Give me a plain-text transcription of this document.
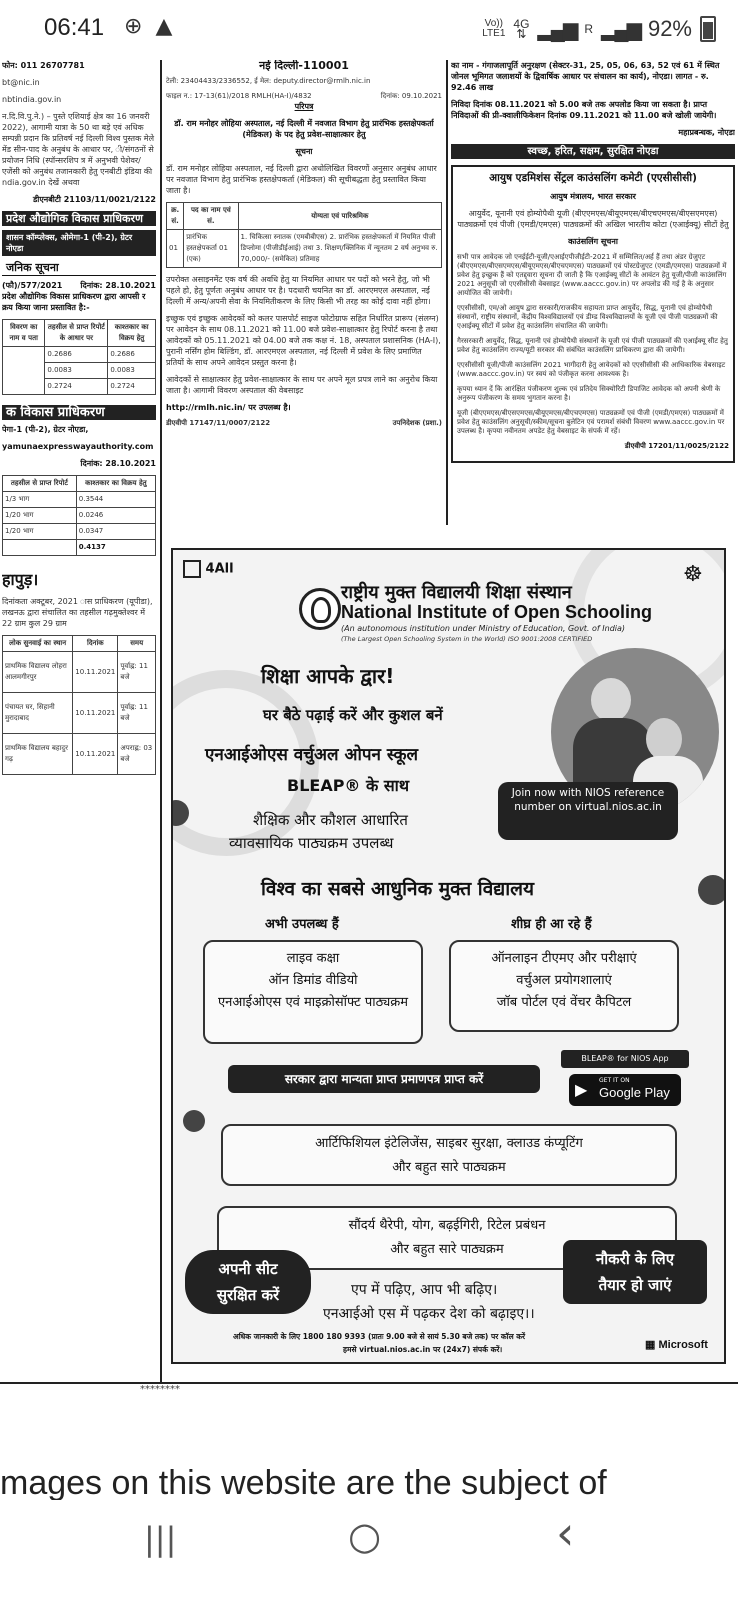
06:41 ⊕ ▲	Vo))
LTE1
4G
⇅ ▂▄▆ R ▂▄▆ 92%

फोन: 011 26707781

bt@nic.in

nbtindia.gov.in

न.दि.वि.पु.ने.) – पुस्ते एशियाई क्षेत्र का 16 जनवरी 2022), आगामी यात्रा के 50 था बड़े एवं अधिक सम्पन्नी प्रदान कि प्रतिवर्ष नई दिल्ली विश्व पुस्तक मेले मेंड सीन-पाद के अनुबंध के आधार पर, ी/संगठनों से प्रयोजन निधि (स्पॉन्सरशिप त्र में अनुभवी पेशेवर/एजेंसी को अनुबंध तजानकारी हेतु एनबीटी इंडिया की ndia.gov.in देखें अथवा

डीएनबीटी 21103/11/0021/2122

प्रदेश औद्योगिक विकास प्राधिकरण
शासन कॉम्प्लेक्स, ओमेगा-1 (पी-2), ग्रेटर नोएडा
जनिक सूचना
(फौ)/577/2021 दिनांक: 28.10.2021

प्रदेश औद्योगिक विकास प्राधिकरण द्वारा आपसी र क्रय किया जाना प्रस्तावित है:-

विवरण का नाम व पता	तहसील से प्राप्त रिपोर्ट के आधार पर	काश्तकार का विक्रय हेतु
	0.2686	0.2686
	0.0083	0.0083
	0.2724	0.2724
क विकास प्राधिकरण

पेगा-1 (पी-2), ग्रेटर नोएडा,

yamunaexpresswayauthority.com

दिनांक: 28.10.2021

तहसील से प्राप्त रिपोर्ट	काश्तकार का विक्रय हेतु
1/3 भाग	0.3544
1/20 भाग	0.0246
1/20 भाग	0.0347
	0.4137

हापुड़।

दिनांकता अक्टूबर, 2021 ास प्राधिकरण (यूपीडा), लखनऊ द्वारा संचालित का तहसील गढ़मुक्तेश्वर में 22 ग्राम कुल 29 ग्राम

लोक सुनवाई का स्थान	दिनांक	समय
प्राथमिक विद्यालय लोहरा आलमगीरपुर	10.11.2021	पूर्वाह्न: 11 बजे
पंचायत घर, सिहानी मुरादाबाद	10.11.2021	पूर्वाह्न: 11 बजे
प्राथमिक विद्यालय बहादुर गढ़	10.11.2021	अपराह्न: 03 बजे

नई दिल्ली-110001

टेली: 23404433/2336552, ई मेल: deputy.director@rmlh.nic.in

फाइल न.: 17-13(61)/2018 RMLH(HA-I)/4832	दिनांक: 09.10.2021

परिपत्र

डॉ. राम मनोहर लोहिया अस्पताल, नई दिल्ली में नवजात विभाग हेतु प्रारंभिक हस्तक्षेपकर्ता (मेडिकल) के पद हेतु प्रवेश-साक्षात्कार हेतु

सूचना

डॉ. राम मनोहर लोहिया अस्पताल, नई दिल्ली द्वारा अधोलिखित विवरणों अनुसार अनुबंध आधार पर नवजात विभाग हेतु प्रारंभिक हस्तक्षेपकर्ता (मेडिकल) की सूचीबद्धता हेतु प्रस्तावित किया जाता है।

क्र. सं.	पद का नाम एवं सं.	योग्यता एवं पारिश्रमिक
01	प्रारंभिक हस्तक्षेपकर्ता 01 (एक)	1. चिकित्सा स्नातक (एमबीबीएस) 2. प्रारंभिक हस्तक्षेपकर्ता में नियमित पीजी डिप्लोमा (पीजीडीईआई) तथा 3. शिक्षण/क्लिनिक में न्यूनतम 2 वर्ष अनुभव रु. 70,000/- (समेकित) प्रतिमाह

उपरोक्त असाइनमेंट एक वर्ष की अवधि हेतु या नियमित आधार पर पदों को भरने हेतु, जो भी पहले हो, हेतु पूर्णतः अनुबंध आधार पर है। पदधारी चयनित का डॉ. आरएमएल अस्पताल, नई दिल्ली में अन्य/अपनी सेवा के नियमितीकरण के लिए किसी भी तरह का कोई दावा नहीं होगा।

इच्छुक एवं इच्छुक आवेदकों को कलर पासपोर्ट साइज फोटोग्राफ सहित निर्धारित प्रारूप (संलग्न) पर आवेदन के साथ 08.11.2021 को 11.00 बजे प्रवेश-साक्षात्कार हेतु रिपोर्ट करना है तथा आवेदकों को 05.11.2021 को 04.00 बजे तक कक्ष नं. 18, अस्पताल प्रशासनिक (HA-I), पुरानी नर्सिंग होम बिल्डिंग, डॉ. आरएमएल अस्पताल, नई दिल्ली में प्रवेश के लिए प्रमाणित प्रतियों के साथ अपने आवेदन प्रस्तुत करना है।

आवेदकों से साक्षात्कार हेतु प्रवेश-साक्षात्कार के साथ पर अपने मूल प्रपत्र लाने का अनुरोध किया जाता है। आगामी विवरण अस्पताल की वेबसाइट

http://rmlh.nic.in/ पर उपलब्ध है।

डीएवीपी 17147/11/0007/2122	उपनिदेशक (प्रशा.)

का नाम - गंगाजलापूर्ति अनुरक्षण (सेक्टर-31, 25, 05, 06, 63, 52 एवं 61 में स्थित जोनल भूमिगत जलाशयों के द्विवार्षिक आधार पर संचालन का कार्य), नोएडा। लागत - रु. 92.46 लाख

निविदा दिनांक 08.11.2021 को 5.00 बजे तक अपलोड किया जा सकता है। प्राप्त निविदाओं की प्री-क्वालीफिकेशन दिनांक 09.11.2021 को 11.00 बजे खोली जायेगी।

महाप्रबन्धक, नोएडा

स्वच्छ, हरित, सक्षम, सुरक्षित नोएडा

आयुष एडमिशंस सेंट्रल काउंसलिंग कमेटी (एएसीसीसी)

आयुष मंत्रालय, भारत सरकार

आयुर्वेद, यूनानी एवं होम्योपैथी यूजी (बीएएमएस/बीयूएमएस/बीएचएमएस/बीएसएमएस) पाठ्यक्रमों एवं पीजी (एमडी/एमएस) पाठ्यक्रमों की अखिल भारतीय कोटा (एआईक्यू) सीटों हेतु

काउंसलिंग सूचना

सभी पात्र आवेदक जो एनईईटी-यूजी/एआईएपीजीईटी-2021 में सम्मिलित/अर्ह हैं तथा अंडर ग्रेजुएट (बीएएमएस/बीएसएमएस/बीयूएमएस/बीएचएमएस) पाठ्यक्रमों एवं पोस्टग्रेजुएट (एमडी/एमएस) पाठ्यक्रमों में प्रवेश हेतु इच्छुक हैं को एतद्द्वारा सूचना दी जाती है कि एआईक्यू सीटों के आवंटन हेतु यूजी/पीजी काउंसलिंग 2021 अनुसूची जो एएसीसीसी वेबसाइट (www.aaccc.gov.in) पर अपलोड की गई है के अनुसार आयोजित की जायेगी।

एएसीसीसी, एम/ओ आयुष द्वारा सरकारी/राजकीय सहायता प्राप्त आयुर्वेद, सिद्ध, यूनानी एवं होम्योपैथी संस्थानों, राष्ट्रीय संस्थानों, केंद्रीय विश्वविद्यालयों एवं डीम्ड विश्वविद्यालयों के यूजी एवं पीजी पाठ्यक्रमों की एआईक्यू सीटों में प्रवेश हेतु काउंसलिंग संचालित की जायेगी।

गैरसरकारी आयुर्वेद, सिद्ध, यूनानी एवं होम्योपैथी संस्थानों के यूजी एवं पीजी पाठ्यक्रमों की एआईक्यू सीट हेतु प्रवेश हेतु काउंसलिंग राज्य/यूटी सरकार की संबंधित काउंसलिंग प्राधिकरण द्वारा की जायेगी।

एएसीसीसी यूजी/पीजी काउंसलिंग 2021 भागीदारी हेतु आवेदकों को एएसीसीसी की आधिकारिक वेबसाइट (www.aaccc.gov.in) पर स्वयं को पंजीकृत करना आवश्यक है।

कृपया ध्यान दें कि आरंक्षित पंजीकरण शुल्क एवं प्रतिदेय सिक्योरिटी डिपाजिट आवेदक को अपनी श्रेणी के अनुरूप पंजीकरण के समय भुगतान करना है।

यूजी (बीएएमएस/बीएसएमएस/बीयूएमएस/बीएचएमएस) पाठ्यक्रमों एवं पीजी (एमडी/एमएस) पाठ्यक्रमों में प्रवेश हेतु काउंसलिंग अनुसूची/स्कीम/सूचना बुलेटिन एवं परामर्श संबंधी विवरण www.aaccc.gov.in पर उपलब्ध है। कृपया नवीनतम अपडेट हेतु वेबसाइट के संपर्क में रहें।

डीएवीपी 17201/11/0025/2122

4All	☸
राष्ट्रीय मुक्त विद्यालयी शिक्षा संस्थान
National Institute of Open Schooling
(An autonomous institution under Ministry of Education, Govt. of India)
(The Largest Open Schooling System in the World) ISO 9001:2008 CERTIFIED
शिक्षा आपके द्वार!
घर बैठे पढ़ाई करें और कुशल बनें
एनआईओएस वर्चुअल ओपन स्कूल
BLEAP® के साथ
शैक्षिक और कौशल आधारित
व्यावसायिक पाठ्यक्रम उपलब्ध
Join now with NIOS reference number on virtual.nios.ac.in
विश्व का सबसे आधुनिक मुक्त विद्यालय
अभी उपलब्ध हैं	शीघ्र ही आ रहे हैं
लाइव कक्षा
ऑन डिमांड वीडियो
एनआईओएस एवं माइक्रोसॉफ्ट पाठ्यक्रम
ऑनलाइन टीएमए और परीक्षाएं
वर्चुअल प्रयोगशालाएं
जॉब पोर्टल एवं वेंचर कैपिटल
सरकार द्वारा मान्यता प्राप्त प्रमाणपत्र प्राप्त करें
BLEAP® for NIOS App
▶ GET IT ON
Google Play
आर्टिफिशियल इंटेलिजेंस, साइबर सुरक्षा, क्लाउड कंप्यूटिंग
और बहुत सारे पाठ्यक्रम
सौंदर्य थैरेपी, योग, बढ़ईगिरी, रिटेल प्रबंधन
और बहुत सारे पाठ्यक्रम
अपनी सीट
सुरक्षित करें
नौकरी के लिए
तैयार हो जाएं
एप में पढ़िए, आप भी बढ़िए।
एनआईओ एस में पढ़कर देश को बढ़ाइए।।
अधिक जानकारी के लिए 1800 180 9393 (प्रातः 9.00 बजे से सायं 5.30 बजे तक) पर कॉल करें
हमसे virtual.nios.ac.in पर (24x7) संपर्क करें।	▦ Microsoft
********
mages on this website are the subject of
|||	○	‹
